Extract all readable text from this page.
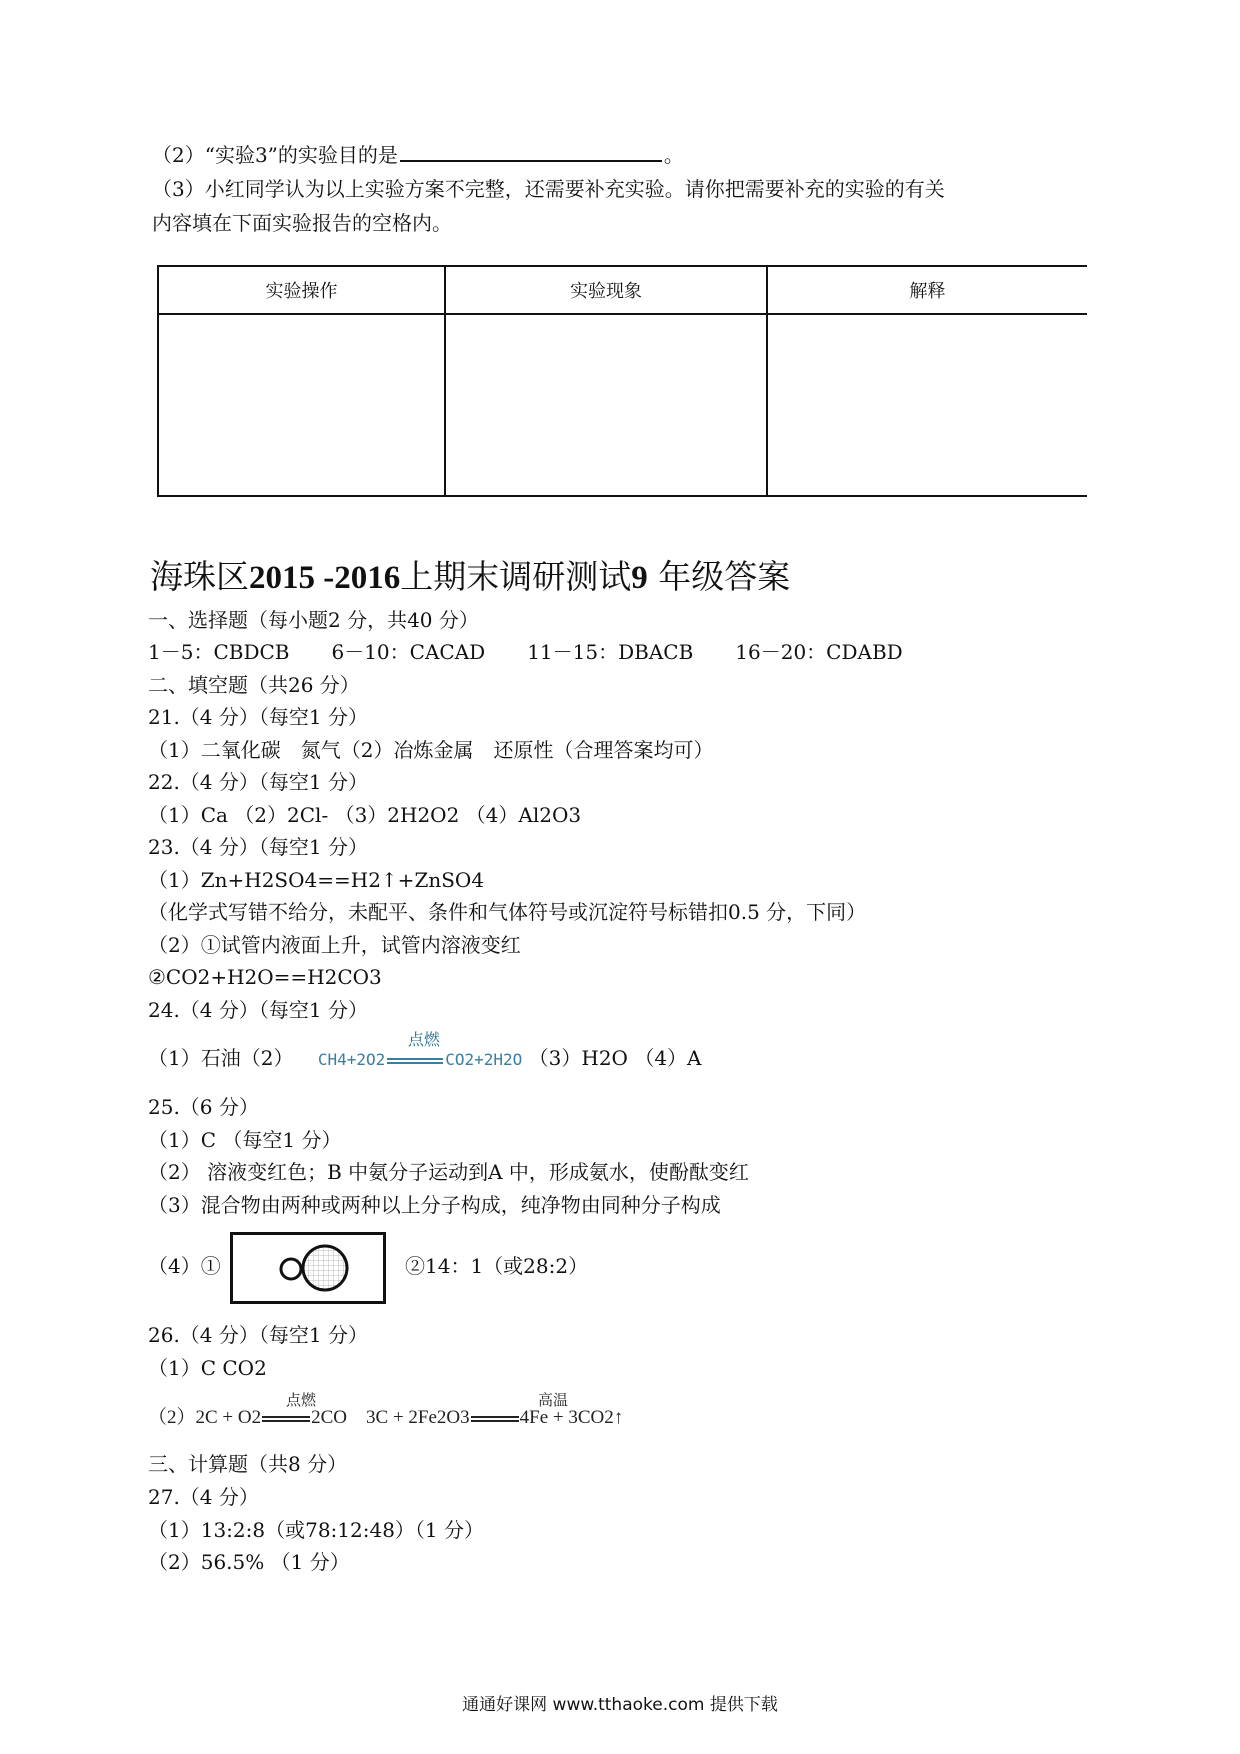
（2）“实验3”的实验目的是	。
（3）小红同学认为以上实验方案不完整，还需要补充实验。请你把需要补充的实验的有关
内容填在下面实验报告的空格内。
实验操作	实验现象	解释

海珠区2015 -2016上期末调研测试9 年级答案
一、选择题（每小题2 分，共40 分）
1－5：CBDCB 6－10：CACAD 11－15：DBACB 16－20：CDABD
二、填空题（共26 分）
21.（4 分）（每空1 分）
（1）二氧化碳　氮气（2）冶炼金属　还原性（合理答案均可）
22.（4 分）（每空1 分）
（1）Ca （2）2Cl- （3）2H2O2 （4）Al2O3
23.（4 分）（每空1 分）
（1）Zn+H2SO4==H2↑+ZnSO4
（化学式写错不给分，未配平、条件和气体符号或沉淀符号标错扣0.5 分，下同）
（2）①试管内液面上升，试管内溶液变红
②CO2+H2O==H2CO3
24.（4 分）（每空1 分）
（1）石油（2） CH4+2O2
点燃
CO2+2H2O （3）H2O （4）A
25.（6 分）
（1）C （每空1 分）
（2） 溶液变红色；B 中氨分子运动到A 中，形成氨水，使酚酞变红
（3）混合物由两种或两种以上分子构成，纯净物由同种分子构成
（4）①	②14：1（或28:2）
26.（4 分）（每空1 分）
（1）C CO2
（2）2C + O2
点燃
2CO　3C + 2Fe2O3
高温
4Fe + 3CO2↑
三、计算题（共8 分）
27.（4 分）
（1）13:2:8（或78:12:48）（1 分）
（2）56.5% （1 分）
通通好课网 www.tthaoke.com 提供下载
